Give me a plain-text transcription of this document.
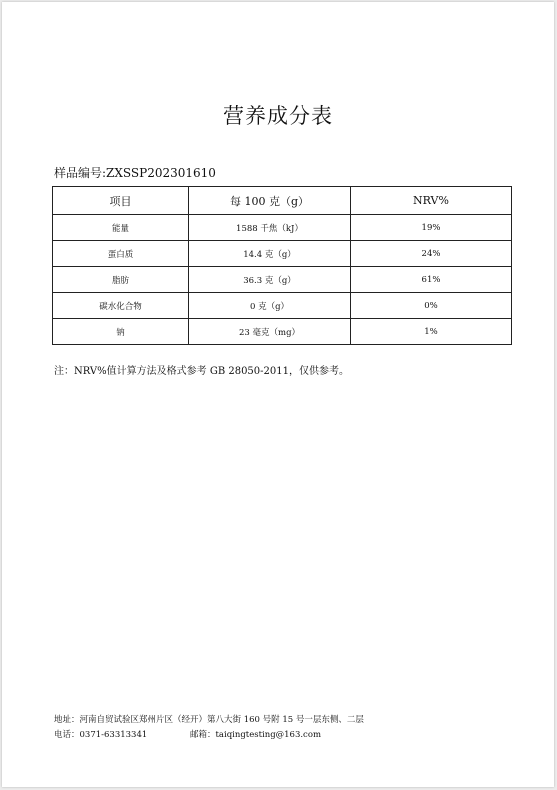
营养成分表
样品编号:ZXSSP202301610
项目	每 100 克（g）	NRV%
能量	1588 千焦（kJ）	19%
蛋白质	14.4 克（g）	24%
脂肪	36.3 克（g）	61%
碳水化合物	0 克（g）	0%
钠	23 毫克（mg）	1%
注：NRV%值计算方法及格式参考 GB 28050-2011，仅供参考。
地址：河南自贸试验区郑州片区（经开）第八大街 160 号附 15 号一层东侧、二层
电话：0371-63313341	邮箱：taiqingtesting@163.com
